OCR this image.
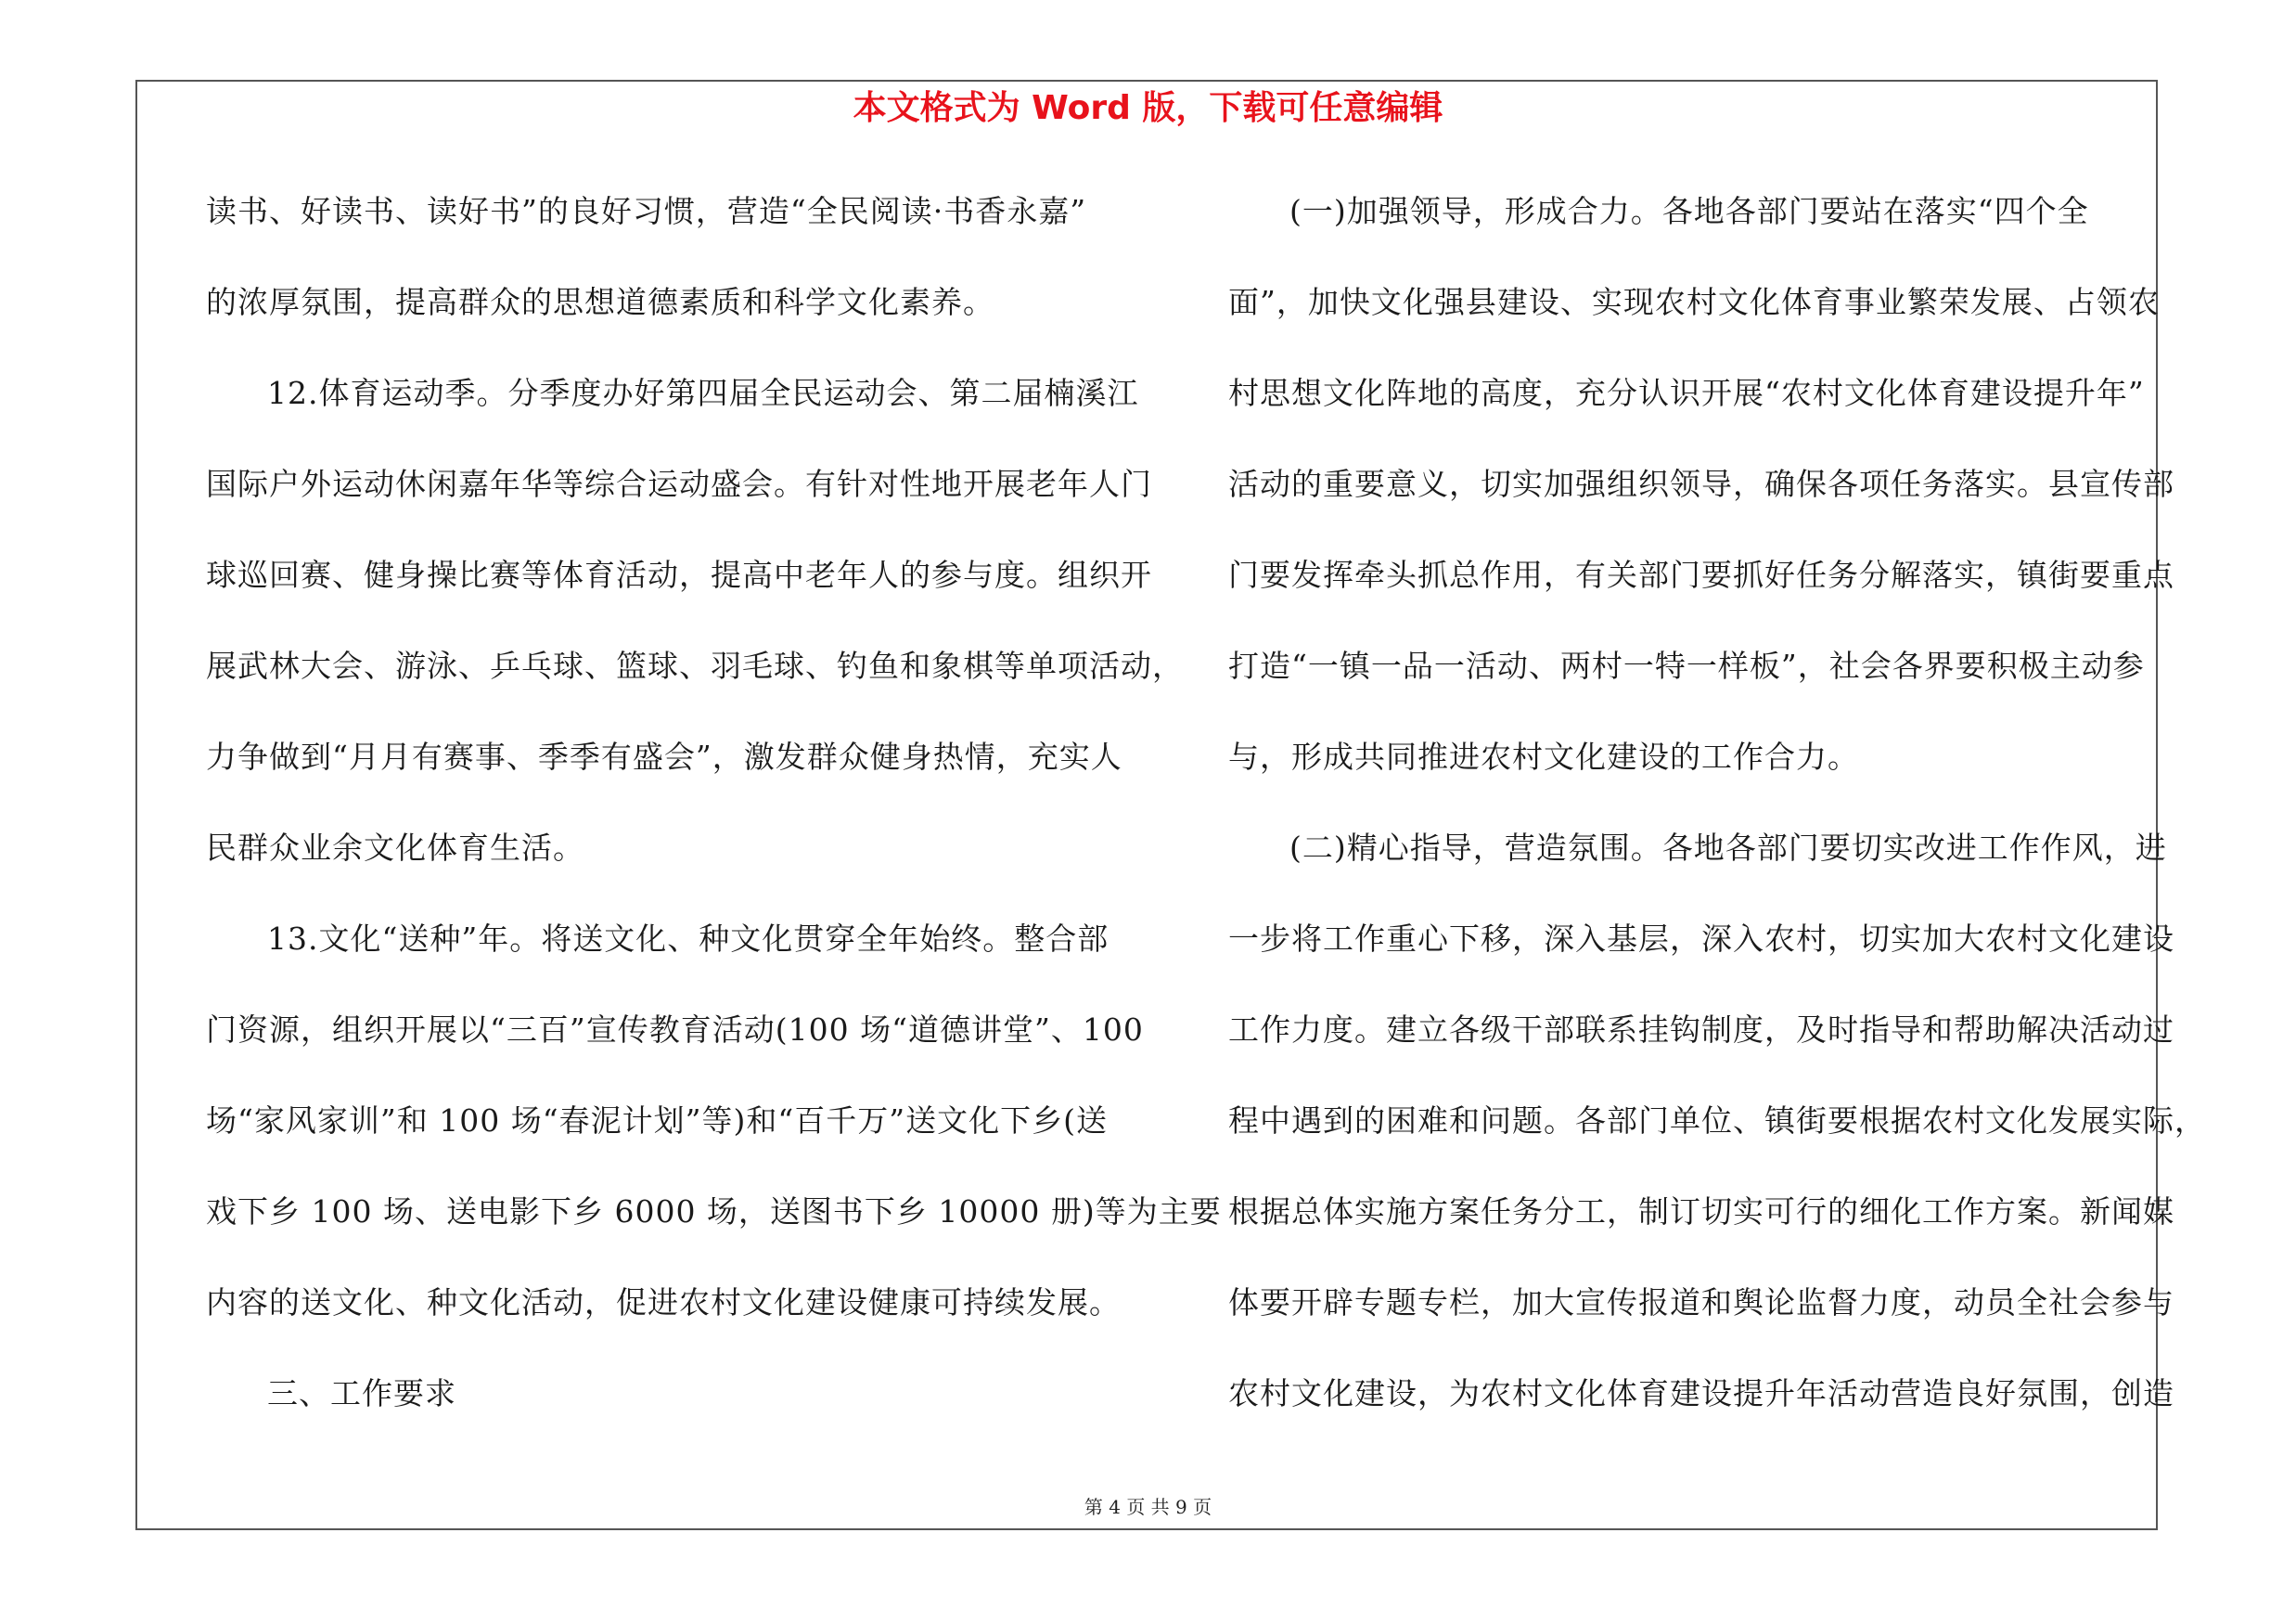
本文格式为 Word 版，下载可任意编辑
读书、好读书、读好书”的良好习惯，营造“全民阅读·书香永嘉”
的浓厚氛围，提高群众的思想道德素质和科学文化素养。
12.体育运动季。分季度办好第四届全民运动会、第二届楠溪江
国际户外运动休闲嘉年华等综合运动盛会。有针对性地开展老年人门
球巡回赛、健身操比赛等体育活动，提高中老年人的参与度。组织开
展武林大会、游泳、乒乓球、篮球、羽毛球、钓鱼和象棋等单项活动，
力争做到“月月有赛事、季季有盛会”，激发群众健身热情，充实人
民群众业余文化体育生活。
13.文化“送种”年。将送文化、种文化贯穿全年始终。整合部
门资源，组织开展以“三百”宣传教育活动(100 场“道德讲堂”、100
场“家风家训”和 100 场“春泥计划”等)和“百千万”送文化下乡(送
戏下乡 100 场、送电影下乡 6000 场，送图书下乡 10000 册)等为主要
内容的送文化、种文化活动，促进农村文化建设健康可持续发展。
三、工作要求
(一)加强领导，形成合力。各地各部门要站在落实“四个全
面”，加快文化强县建设、实现农村文化体育事业繁荣发展、占领农
村思想文化阵地的高度，充分认识开展“农村文化体育建设提升年”
活动的重要意义，切实加强组织领导，确保各项任务落实。县宣传部
门要发挥牵头抓总作用，有关部门要抓好任务分解落实，镇街要重点
打造“一镇一品一活动、两村一特一样板”，社会各界要积极主动参
与，形成共同推进农村文化建设的工作合力。
(二)精心指导，营造氛围。各地各部门要切实改进工作作风，进
一步将工作重心下移，深入基层，深入农村，切实加大农村文化建设
工作力度。建立各级干部联系挂钩制度，及时指导和帮助解决活动过
程中遇到的困难和问题。各部门单位、镇街要根据农村文化发展实际，
根据总体实施方案任务分工，制订切实可行的细化工作方案。新闻媒
体要开辟专题专栏，加大宣传报道和舆论监督力度，动员全社会参与
农村文化建设，为农村文化体育建设提升年活动营造良好氛围，创造
第 4 页 共 9 页
